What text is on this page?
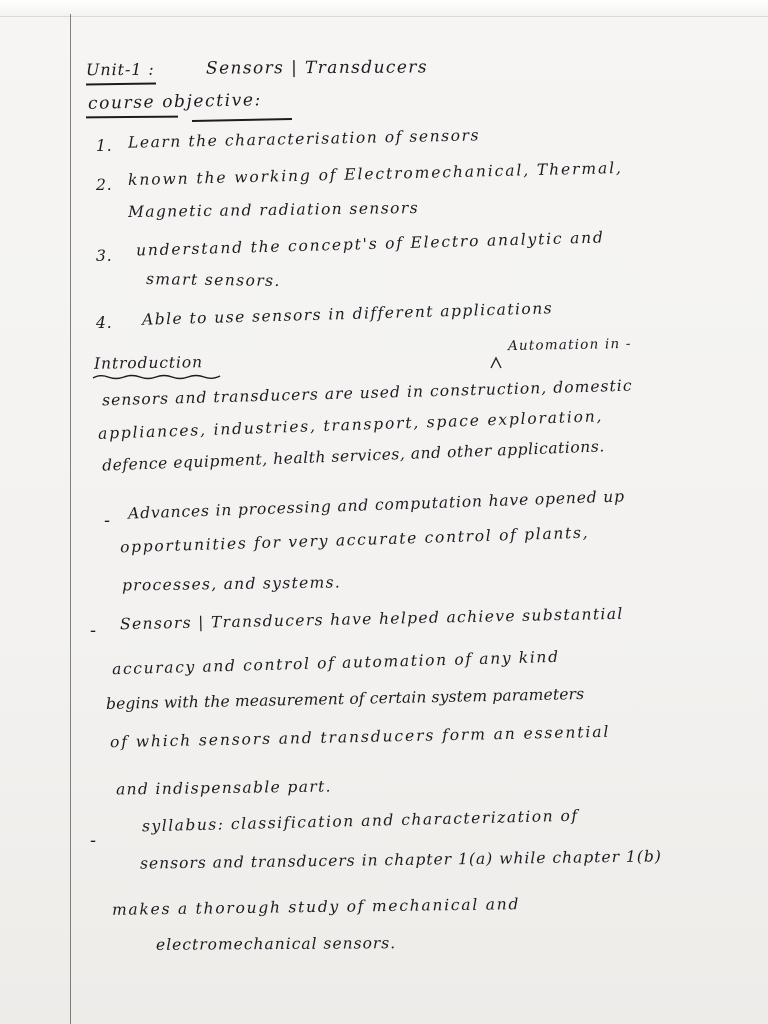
Unit-1 :	Sensors | Transducers
course objective:
1. Learn the characterisation of sensors
2. known the working of Electromechanical, Thermal,
Magnetic and radiation sensors
3. understand the concept's of Electro analytic and
smart sensors.
4. Able to use sensors in different applications
Introduction
Automation in -
sensors and transducers are used in construction, domestic
appliances, industries, transport, space exploration,
defence equipment, health services, and other applications.
- Advances in processing and computation have opened up
opportunities for very accurate control of plants,
processes, and systems.
- Sensors | Transducers have helped achieve substantial
accuracy and control of automation of any kind
begins with the measurement of certain system parameters
of which sensors and transducers form an essential
and indispensable part.
-
syllabus: classification and characterization of
sensors and transducers in chapter 1(a) while chapter 1(b)
makes a thorough study of mechanical and
electromechanical sensors.
